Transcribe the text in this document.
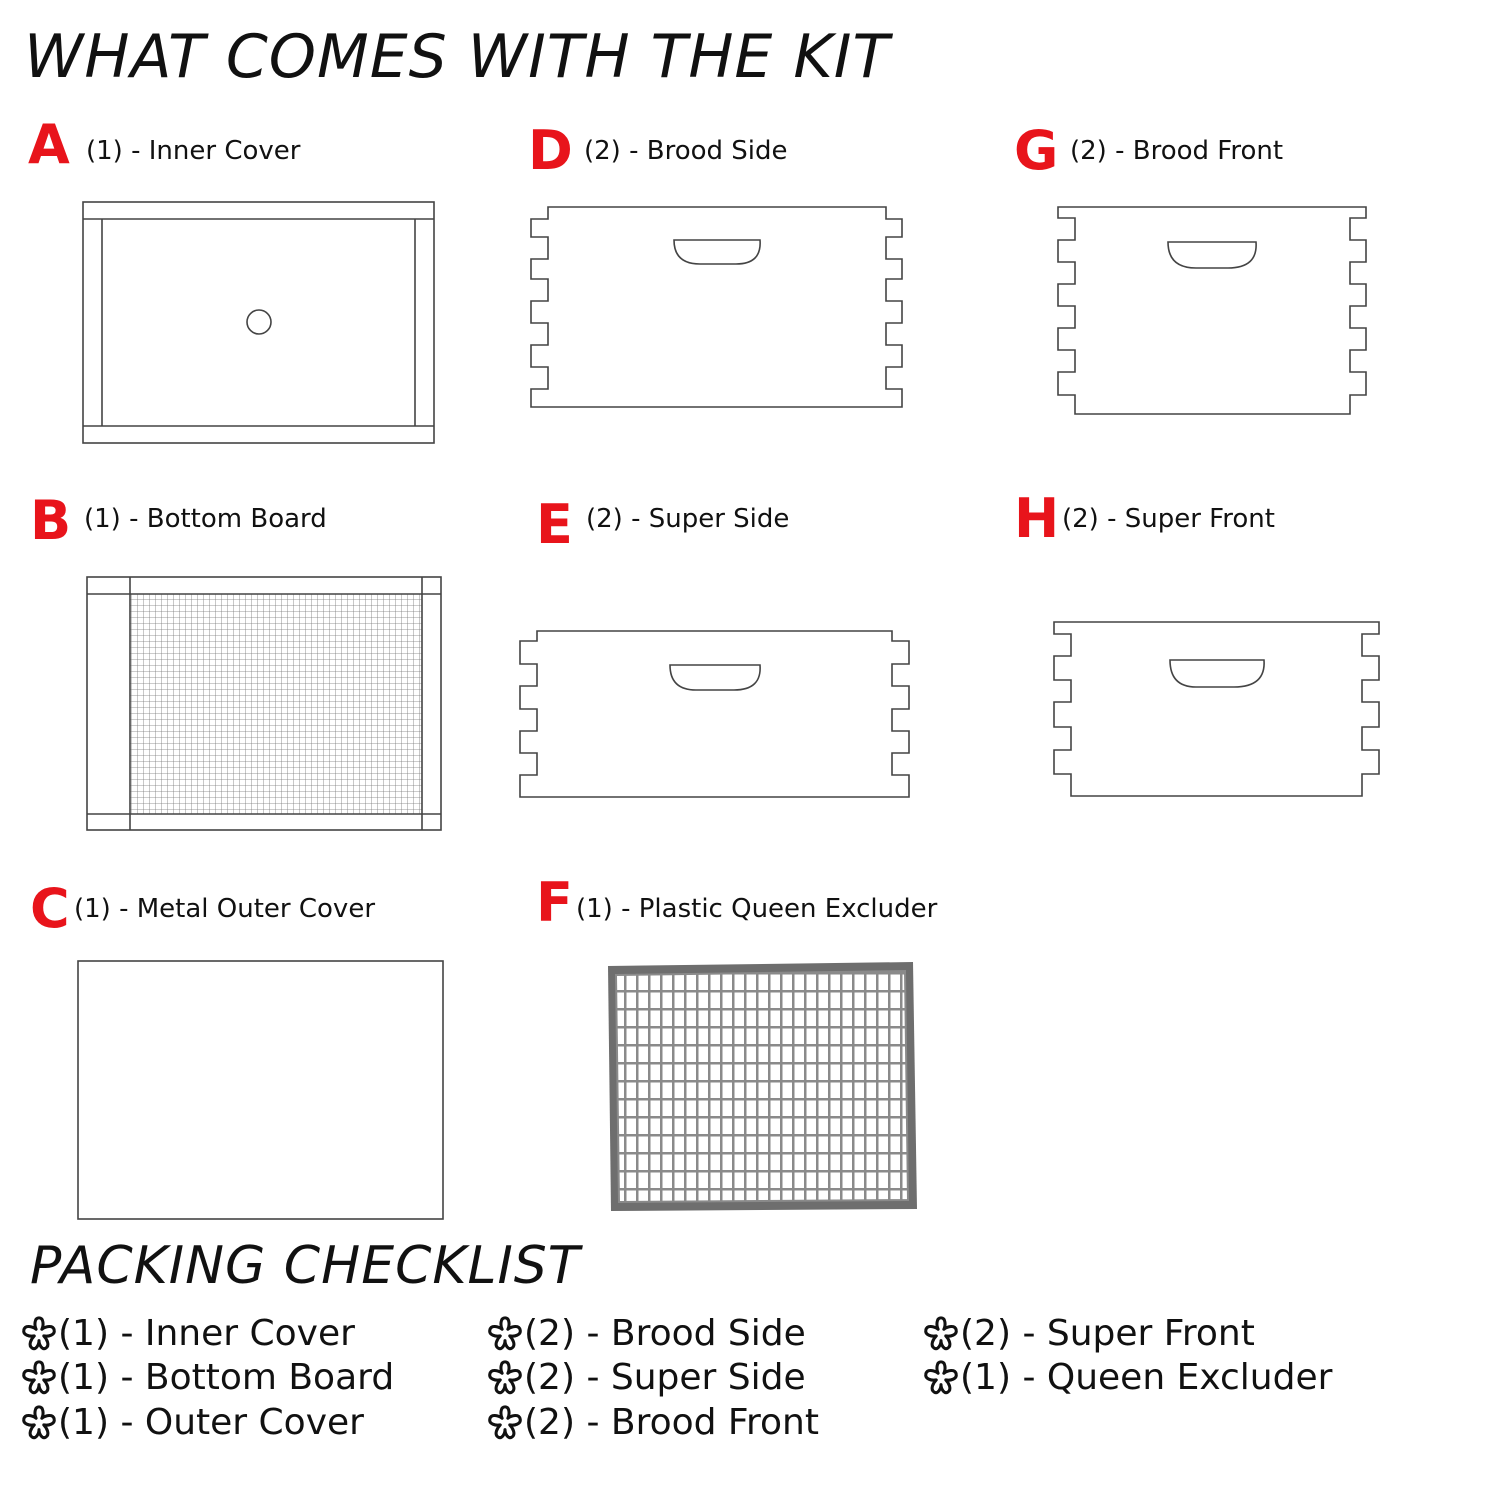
WHAT COMES WITH THE KIT
A (1) - Inner Cover
B (1) - Bottom Board
C (1) - Metal Outer Cover
D (2) - Brood Side
E (2) - Super Side
F (1) - Plastic Queen Excluder
G (2) - Brood Front
H (2) - Super Front
PACKING CHECKLIST
(1) - Inner Cover
(1) - Bottom Board
(1) - Outer Cover
(2) - Brood Side
(2) - Super Side
(2) - Brood Front
(2) - Super Front
(1) - Queen Excluder
